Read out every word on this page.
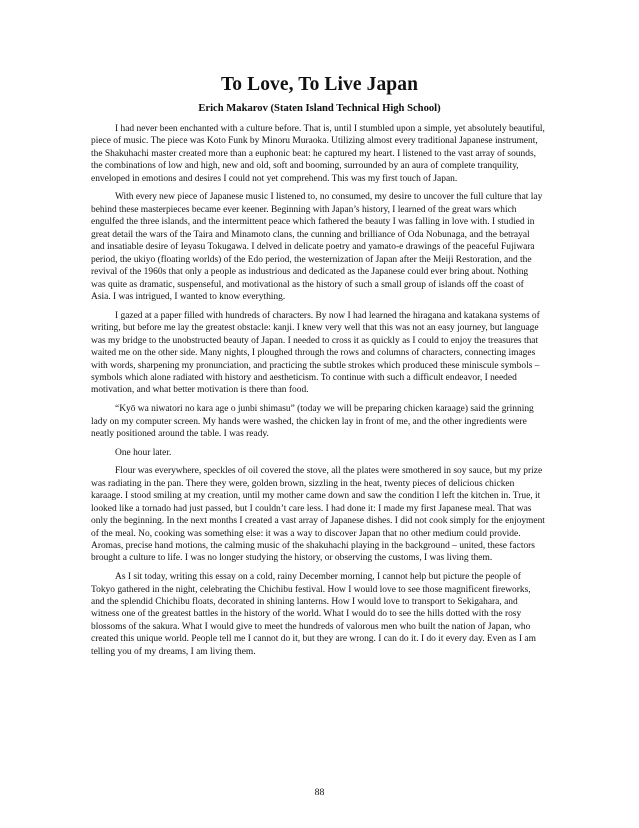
To Love, To Live Japan

Erich Makarov (Staten Island Technical High School)

I had never been enchanted with a culture before. That is, until I stumbled upon a simple, yet absolutely beautiful, piece of music. The piece was Koto Funk by Minoru Muraoka. Utilizing almost every traditional Japanese instrument, the Shakuhachi master created more than a euphonic beat: he captured my heart. I listened to the vast array of sounds, the combinations of low and high, new and old, soft and booming, surrounded by an aura of complete tranquility, enveloped in emotions and desires I could not yet comprehend. This was my first touch of Japan.

With every new piece of Japanese music I listened to, no consumed, my desire to uncover the full culture that lay behind these masterpieces became ever keener. Beginning with Japan’s history, I learned of the great wars which engulfed the three islands, and the intermittent peace which fathered the beauty I was falling in love with. I studied in great detail the wars of the Taira and Minamoto clans, the cunning and brilliance of Oda Nobunaga, and the betrayal and insatiable desire of Ieyasu Tokugawa. I delved in delicate poetry and yamato-e drawings of the peaceful Fujiwara period, the ukiyo (floating worlds) of the Edo period, the westernization of Japan after the Meiji Restoration, and the revival of the 1960s that only a people as industrious and dedicated as the Japanese could ever bring about. Nothing was quite as dramatic, suspenseful, and motivational as the history of such a small group of islands off the coast of Asia. I was intrigued, I wanted to know everything.

I gazed at a paper filled with hundreds of characters. By now I had learned the hiragana and katakana systems of writing, but before me lay the greatest obstacle: kanji. I knew very well that this was not an easy journey, but language was my bridge to the unobstructed beauty of Japan. I needed to cross it as quickly as I could to enjoy the treasures that waited me on the other side. Many nights, I ploughed through the rows and columns of characters, connecting images with words, sharpening my pronunciation, and practicing the subtle strokes which produced these miniscule symbols – symbols which alone radiated with history and aestheticism. To continue with such a difficult endeavor, I needed motivation, and what better motivation is there than food.

“Kyō wa niwatori no kara age o junbi shimasu” (today we will be preparing chicken karaage) said the grinning lady on my computer screen. My hands were washed, the chicken lay in front of me, and the other ingredients were neatly positioned around the table. I was ready.

One hour later.

Flour was everywhere, speckles of oil covered the stove, all the plates were smothered in soy sauce, but my prize was radiating in the pan. There they were, golden brown, sizzling in the heat, twenty pieces of delicious chicken karaage. I stood smiling at my creation, until my mother came down and saw the condition I left the kitchen in. True, it looked like a tornado had just passed, but I couldn’t care less. I had done it: I made my first Japanese meal. That was only the beginning. In the next months I created a vast array of Japanese dishes. I did not cook simply for the enjoyment of the meal. No, cooking was something else: it was a way to discover Japan that no other medium could provide. Aromas, precise hand motions, the calming music of the shakuhachi playing in the background – united, these factors brought a culture to life. I was no longer studying the history, or observing the customs, I was living them.

As I sit today, writing this essay on a cold, rainy December morning, I cannot help but picture the people of Tokyo gathered in the night, celebrating the Chichibu festival. How I would love to see those magnificent fireworks, and the splendid Chichibu floats, decorated in shining lanterns. How I would love to transport to Sekigahara, and witness one of the greatest battles in the history of the world. What I would do to see the hills dotted with the rosy blossoms of the sakura. What I would give to meet the hundreds of valorous men who built the nation of Japan, who created this unique world. People tell me I cannot do it, but they are wrong. I can do it. I do it every day. Even as I am telling you of my dreams, I am living them.

88
